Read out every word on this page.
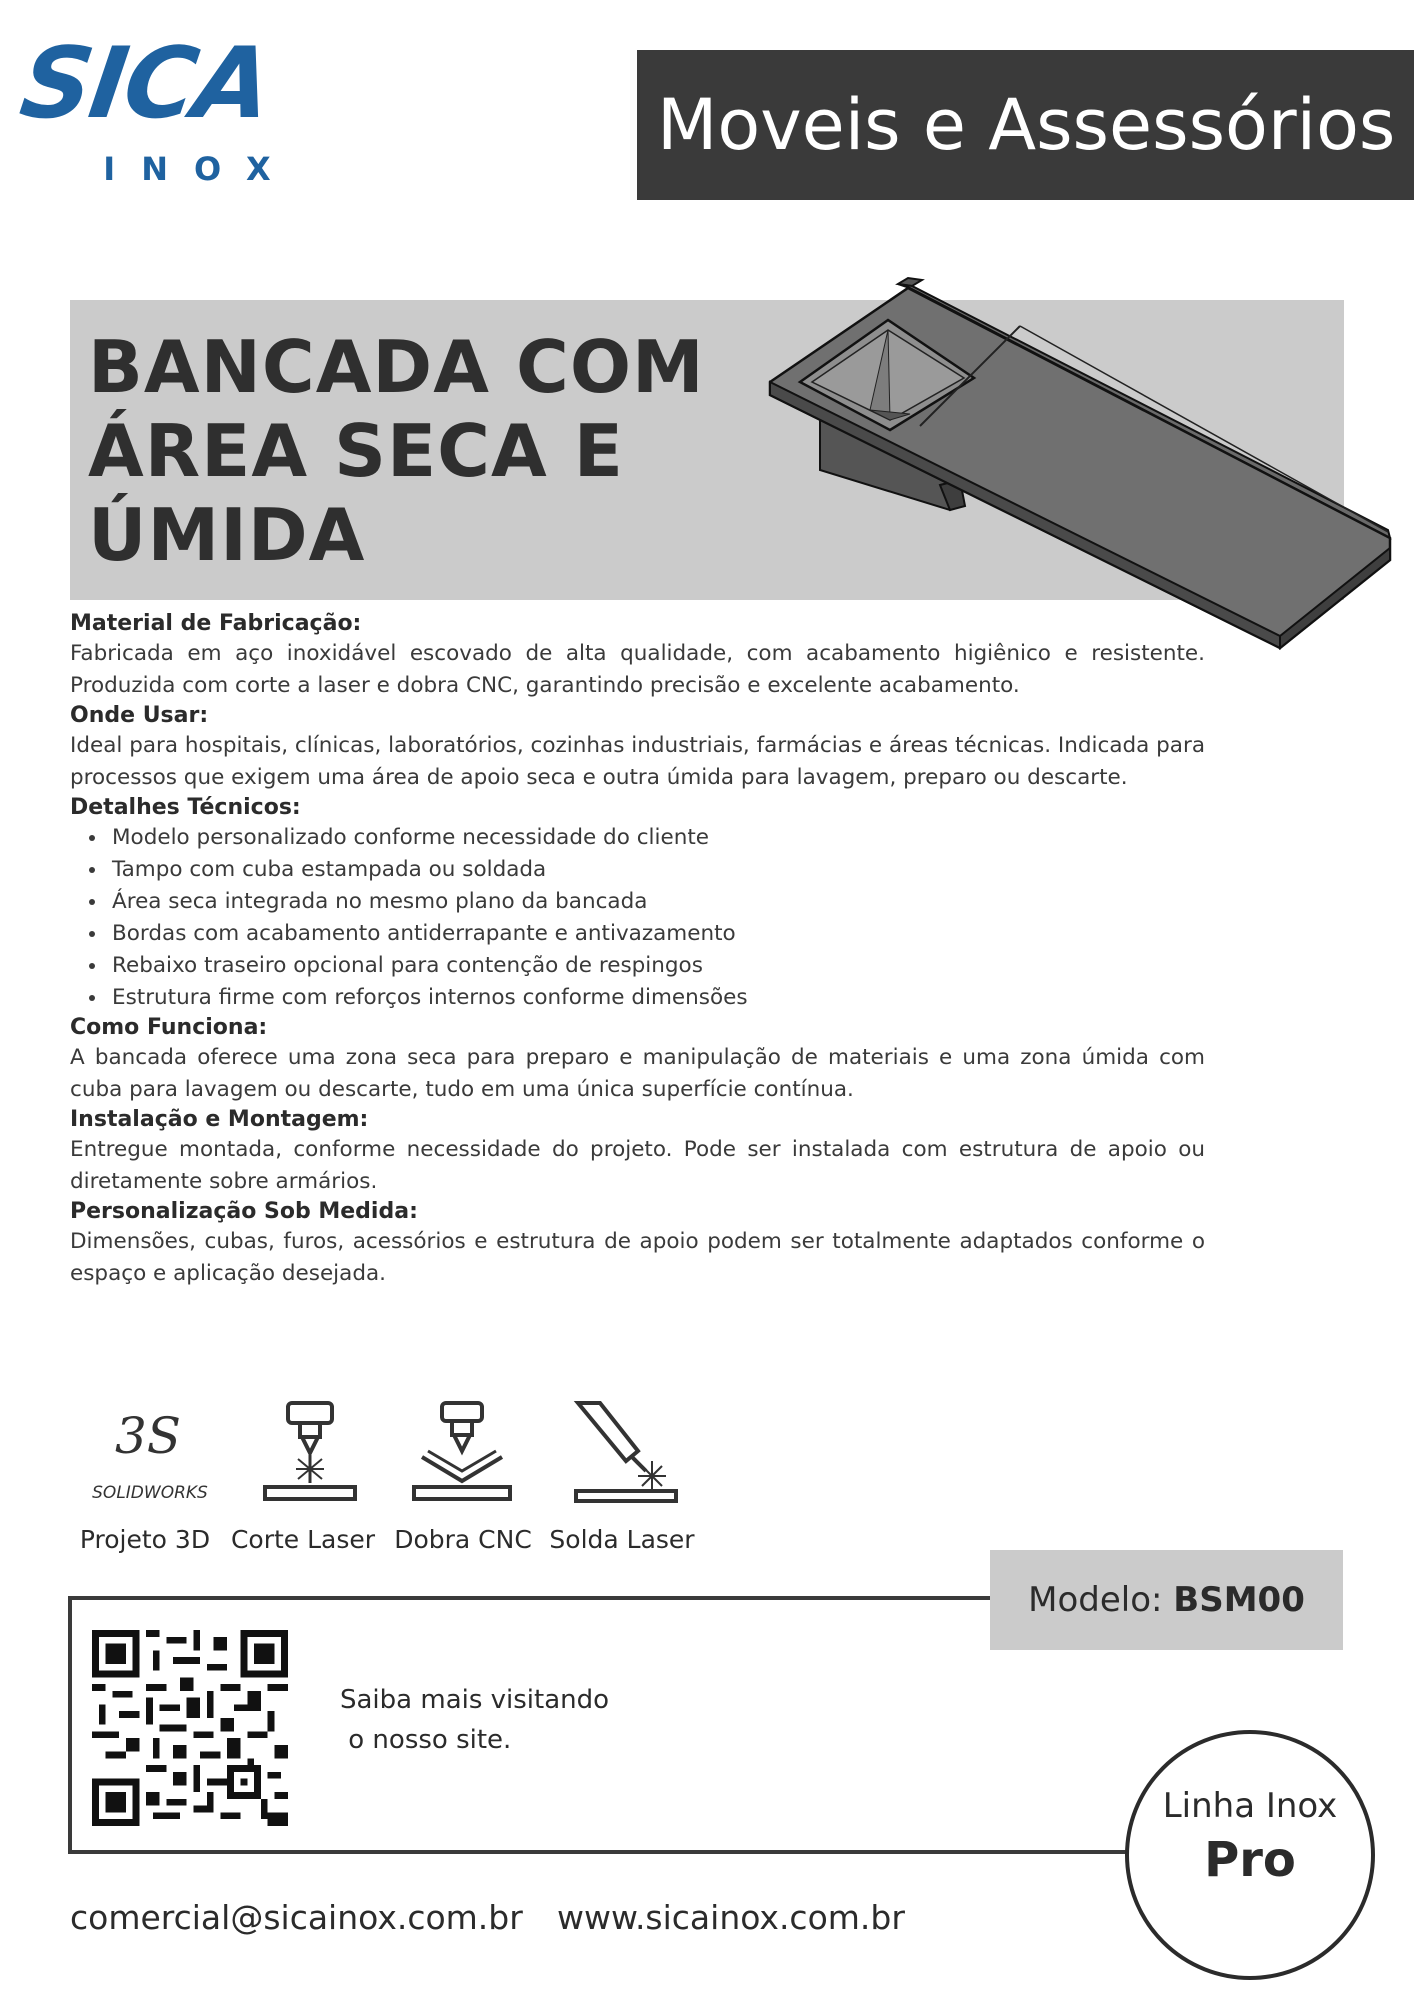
SICA
INOX
Moveis e Assessórios
BANCADA COM
ÁREA SECA E
ÚMIDA
Material de Fabricação:
Fabricada em aço inoxidável escovado de alta qualidade, com acabamento higiênico e resistente. Produzida com corte a laser e dobra CNC, garantindo precisão e excelente acabamento.
Onde Usar:
Ideal para hospitais, clínicas, laboratórios, cozinhas industriais, farmácias e áreas técnicas. Indicada para processos que exigem uma área de apoio seca e outra úmida para lavagem, preparo ou descarte.
Detalhes Técnicos:
• Modelo personalizado conforme necessidade do cliente
• Tampo com cuba estampada ou soldada
• Área seca integrada no mesmo plano da bancada
• Bordas com acabamento antiderrapante e antivazamento
• Rebaixo traseiro opcional para contenção de respingos
• Estrutura firme com reforços internos conforme dimensões
Como Funciona:
A bancada oferece uma zona seca para preparo e manipulação de materiais e uma zona úmida com cuba para lavagem ou descarte, tudo em uma única superfície contínua.
Instalação e Montagem:
Entregue montada, conforme necessidade do projeto. Pode ser instalada com estrutura de apoio ou diretamente sobre armários.
Personalização Sob Medida:
Dimensões, cubas, furos, acessórios e estrutura de apoio podem ser totalmente adaptados conforme o espaço e aplicação desejada.
3S
SOLIDWORKS
Projeto 3D Corte Laser Dobra CNC Solda Laser
Modelo: BSM00
Saiba mais visitando
o nosso site.
Linha Inox
Pro
comercial@sicainox.com.br www.sicainox.com.br
